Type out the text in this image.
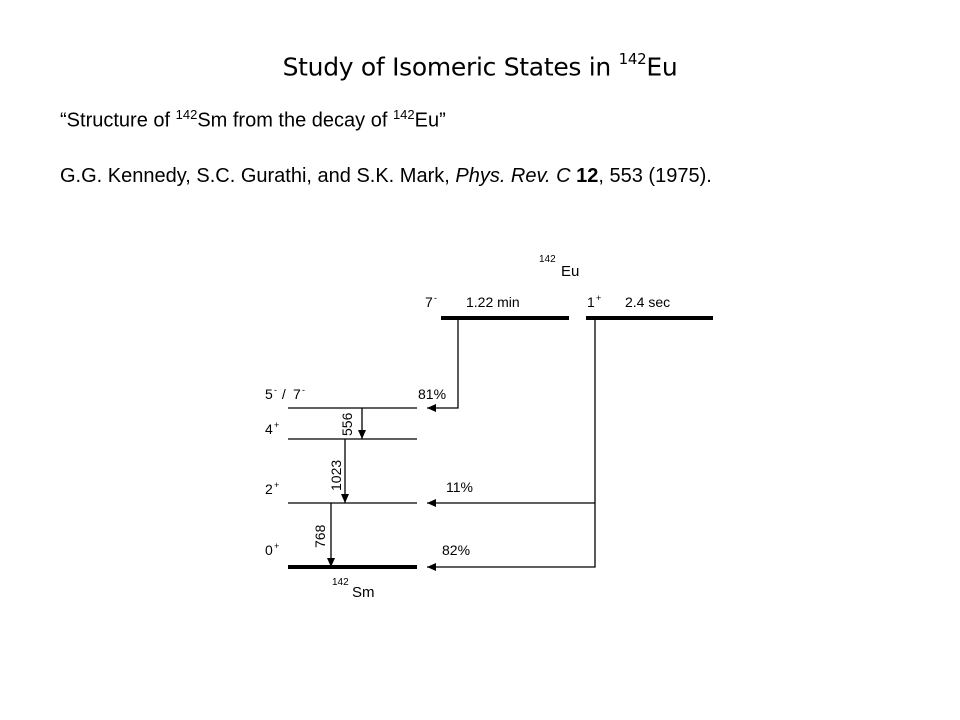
Study of Isomeric States in $^{142}$Eu
“Structure of $^{142}$Sm from the decay of $^{142}$Eu”
G.G. Kennedy, S.C. Gurathi, and S.K. Mark, Phys. Rev. C 12, 553 (1975).
142
Eu
7 - 1.22 min	1 + 2.4 sec
5 - / 7 -	81%
4 +
2 +	11%
0 +	82%
556
1023
768
142
Sm
